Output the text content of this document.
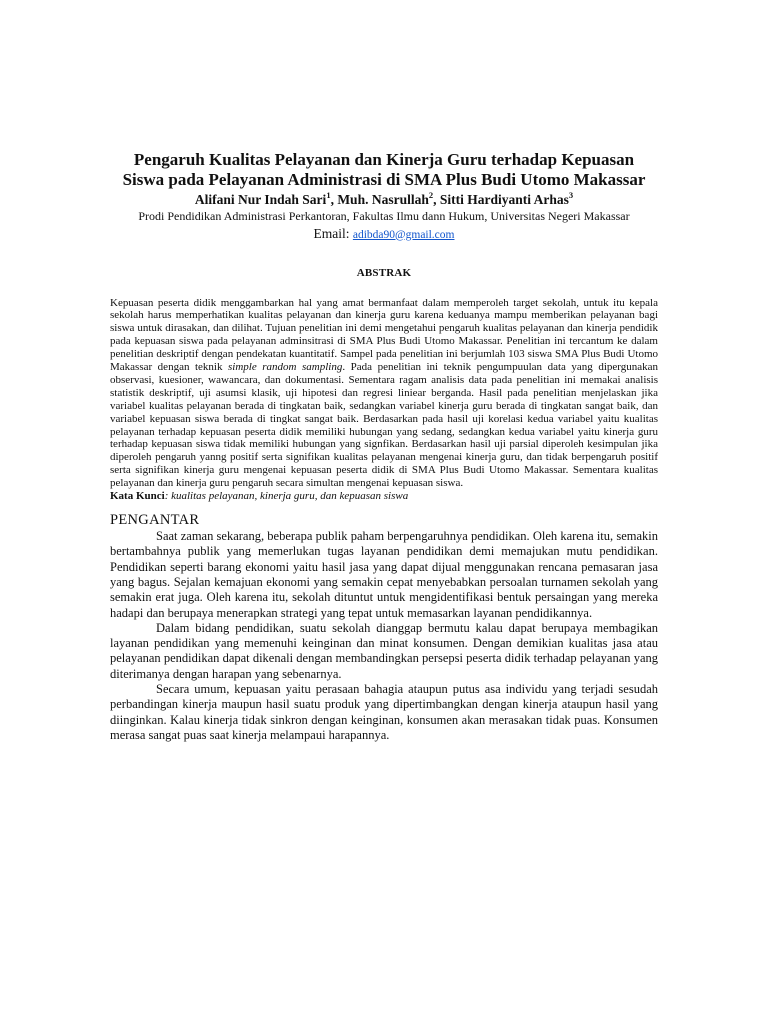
Pengaruh Kualitas Pelayanan dan Kinerja Guru terhadap Kepuasan Siswa pada Pelayanan Administrasi di SMA Plus Budi Utomo Makassar
Alifani Nur Indah Sari$^1$, Muh. Nasrullah$^2$, Sitti Hardiyanti Arhas$^3$
Prodi Pendidikan Administrasi Perkantoran, Fakultas Ilmu dann Hukum, Universitas Negeri Makassar
Email: adibda90@gmail.com
ABSTRAK
Kepuasan peserta didik menggambarkan hal yang amat bermanfaat dalam memperoleh target sekolah, untuk itu kepala sekolah harus memperhatikan kualitas pelayanan dan kinerja guru karena keduanya mampu memberikan pelayanan bagi siswa untuk dirasakan, dan dilihat. Tujuan penelitian ini demi mengetahui pengaruh kualitas pelayanan dan kinerja pendidik pada kepuasan siswa pada pelayanan adminsitrasi di SMA Plus Budi Utomo Makassar. Penelitian ini tercantum ke dalam penelitian deskriptif dengan pendekatan kuantitatif. Sampel pada penelitian ini berjumlah 103 siswa SMA Plus Budi Utomo Makassar dengan teknik simple random sampling. Pada penelitian ini teknik pengumpuulan data yang dipergunakan observasi, kuesioner, wawancara, dan dokumentasi. Sementara ragam analisis data pada penelitian ini memakai analisis statistik deskriptif, uji asumsi klasik, uji hipotesi dan regresi liniear berganda. Hasil pada penelitian menjelaskan jika variabel kualitas pelayanan berada di tingkatan baik, sedangkan variabel kinerja guru berada di tingkatan sangat baik, dan variabel kepuasan siswa berada di tingkat sangat baik. Berdasarkan pada hasil uji korelasi kedua variabel yaitu kualitas pelayanan terhadap kepuasan peserta didik memiliki hubungan yang sedang, sedangkan kedua variabel yaitu kinerja guru terhadap kepuasan siswa tidak memiliki hubungan yang signfikan. Berdasarkan hasil uji parsial diperoleh kesimpulan jika diperoleh pengaruh yanng positif serta signifikan kualitas pelayanan mengenai kinerja guru, dan tidak berpengaruh positif serta signifikan kinerja guru mengenai kepuasan peserta didik di SMA Plus Budi Utomo Makassar. Sementara kualitas pelayanan dan kinerja guru pengaruh secara simultan mengenai kepuasan siswa.
Kata Kunci: kualitas pelayanan, kinerja guru, dan kepuasan siswa
PENGANTAR

Saat zaman sekarang, beberapa publik paham berpengaruhnya pendidikan. Oleh karena itu, semakin bertambahnya publik yang memerlukan tugas layanan pendidikan demi memajukan mutu pendidikan. Pendidikan seperti barang ekonomi yaitu hasil jasa yang dapat dijual menggunakan rencana pemasaran jasa yang bagus. Sejalan kemajuan ekonomi yang semakin cepat menyebabkan persoalan turnamen sekolah yang semakin erat juga. Oleh karena itu, sekolah dituntut untuk mengidentifikasi bentuk persaingan yang mereka hadapi dan berupaya menerapkan strategi yang tepat untuk memasarkan layanan pendidikannya.

Dalam bidang pendidikan, suatu sekolah dianggap bermutu kalau dapat berupaya membagikan layanan pendidikan yang memenuhi keinginan dan minat konsumen. Dengan demikian kualitas jasa atau pelayanan pendidikan dapat dikenali dengan membandingkan persepsi peserta didik terhadap pelayanan yang diterimanya dengan harapan yang sebenarnya.

Secara umum, kepuasan yaitu perasaan bahagia ataupun putus asa individu yang terjadi sesudah perbandingan kinerja maupun hasil suatu produk yang dipertimbangkan dengan kinerja ataupun hasil yang diinginkan. Kalau kinerja tidak sinkron dengan keinginan, konsumen akan merasakan tidak puas. Konsumen merasa sangat puas saat kinerja melampaui harapannya.
